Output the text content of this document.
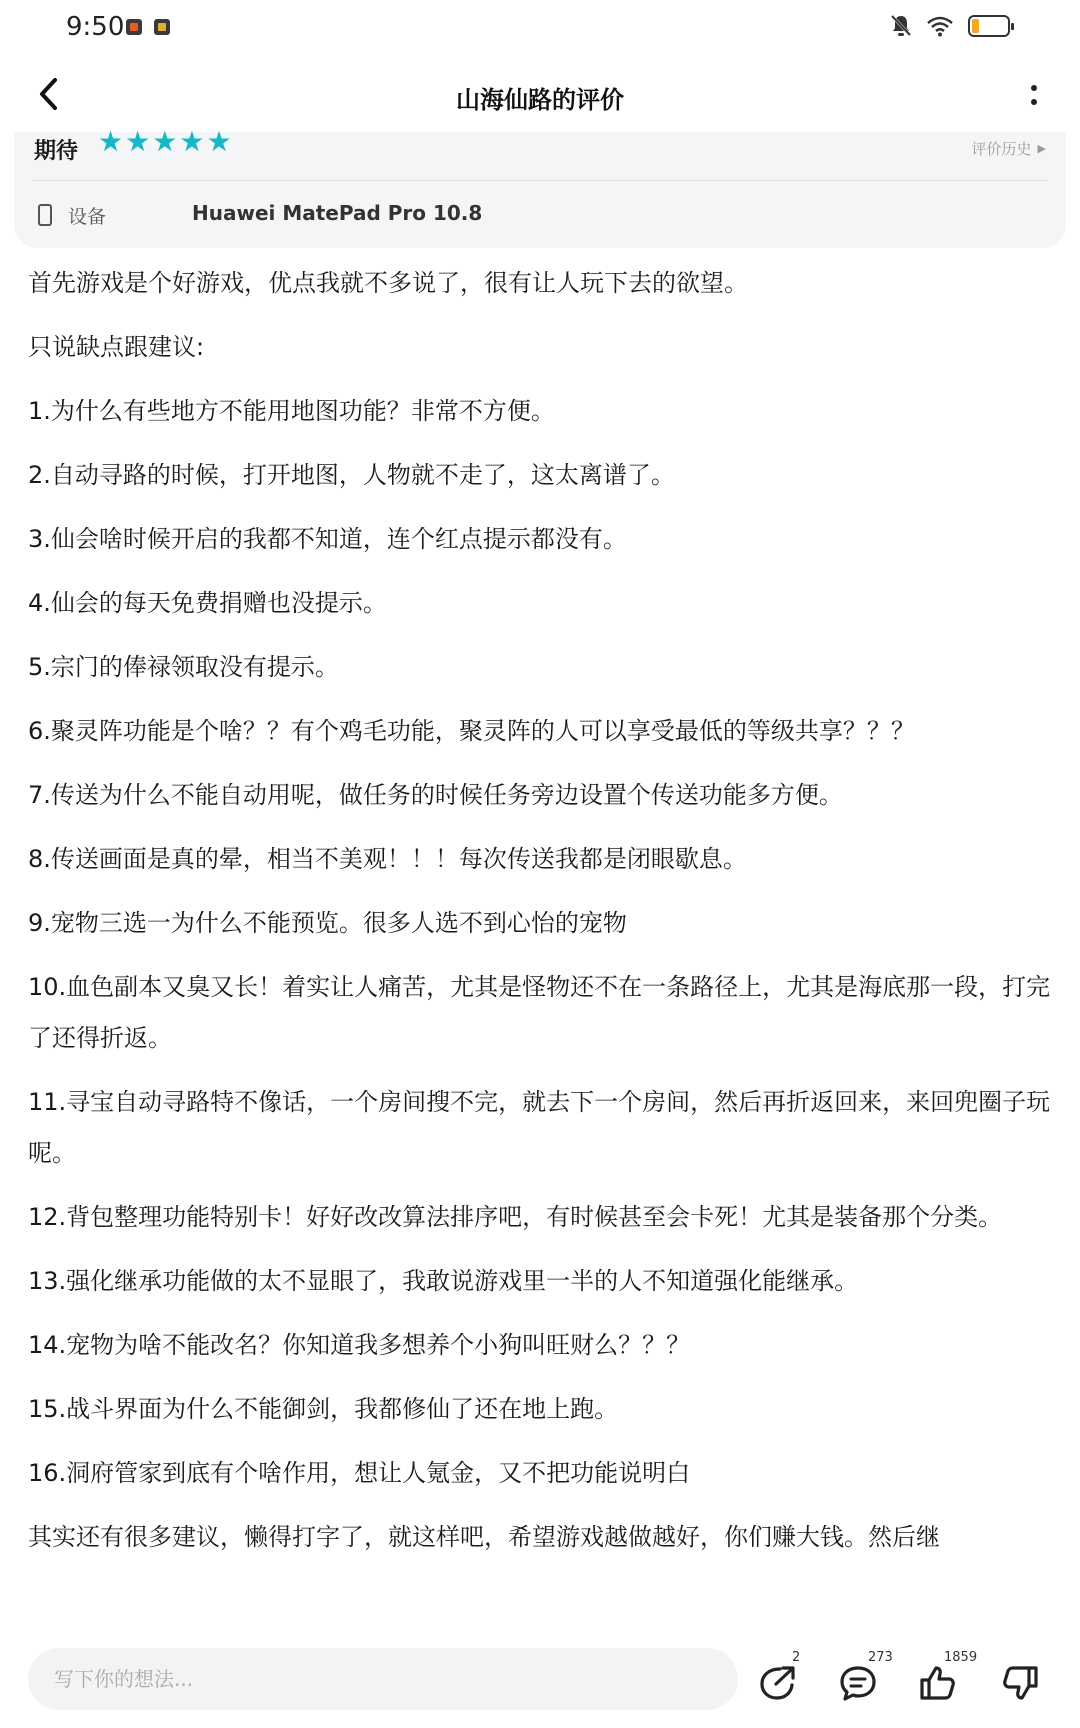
9:50
山海仙路的评价
期待 ★ ★ ★ ★ ★	评价历史 ▶
设备	Huawei MatePad Pro 10.8
首先游戏是个好游戏，优点我就不多说了，很有让人玩下去的欲望。
只说缺点跟建议:
1.为什么有些地方不能用地图功能？非常不方便。
2.自动寻路的时候，打开地图，人物就不走了，这太离谱了。
3.仙会啥时候开启的我都不知道，连个红点提示都没有。
4.仙会的每天免费捐赠也没提示。
5.宗门的俸禄领取没有提示。
6.聚灵阵功能是个啥？？有个鸡毛功能，聚灵阵的人可以享受最低的等级共享？？？
7.传送为什么不能自动用呢，做任务的时候任务旁边设置个传送功能多方便。
8.传送画面是真的晕，相当不美观！！！每次传送我都是闭眼歇息。
9.宠物三选一为什么不能预览。很多人选不到心怡的宠物
10.血色副本又臭又长！着实让人痛苦，尤其是怪物还不在一条路径上，尤其是海底那一段，打完了还得折返。
11.寻宝自动寻路特不像话，一个房间搜不完，就去下一个房间，然后再折返回来，来回兜圈子玩呢。
12.背包整理功能特别卡！好好改改算法排序吧，有时候甚至会卡死！尤其是装备那个分类。
13.强化继承功能做的太不显眼了，我敢说游戏里一半的人不知道强化能继承。
14.宠物为啥不能改名？你知道我多想养个小狗叫旺财么？？？
15.战斗界面为什么不能御剑，我都修仙了还在地上跑。
16.洞府管家到底有个啥作用，想让人氪金，又不把功能说明白
其实还有很多建议，懒得打字了，就这样吧，希望游戏越做越好，你们赚大钱。然后继
写下你的想法...
2	273	1859
